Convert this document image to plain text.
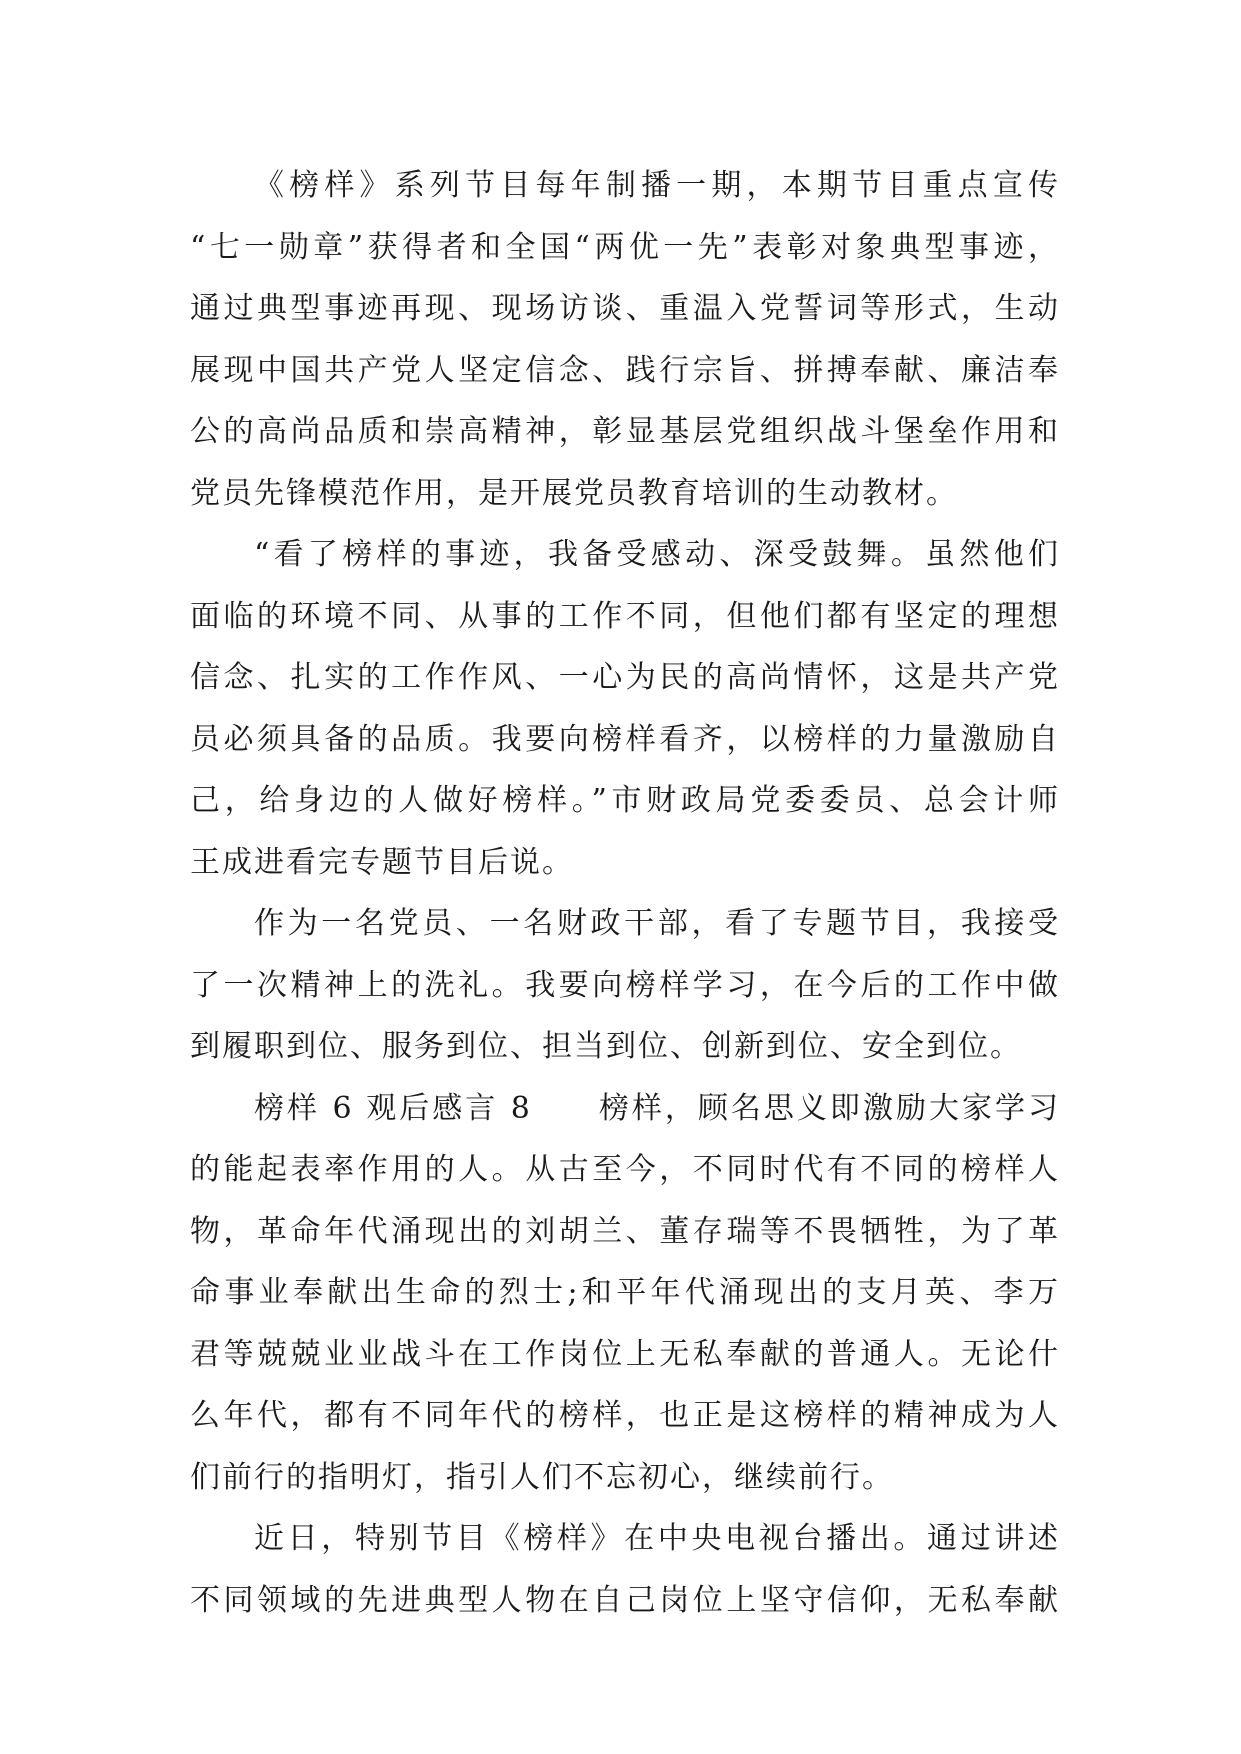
《榜样》系列节目每年制播一期，本期节目重点宣传
“七一勋章”获得者和全国“两优一先”表彰对象典型事迹，
通过典型事迹再现、现场访谈、重温入党誓词等形式，生动
展现中国共产党人坚定信念、践行宗旨、拼搏奉献、廉洁奉
公的高尚品质和崇高精神，彰显基层党组织战斗堡垒作用和
党员先锋模范作用，是开展党员教育培训的生动教材。
“看了榜样的事迹，我备受感动、深受鼓舞。虽然他们
面临的环境不同、从事的工作不同，但他们都有坚定的理想
信念、扎实的工作作风、一心为民的高尚情怀，这是共产党
员必须具备的品质。我要向榜样看齐，以榜样的力量激励自
己，给身边的人做好榜样。”市财政局党委委员、总会计师
王成进看完专题节目后说。
作为一名党员、一名财政干部，看了专题节目，我接受
了一次精神上的洗礼。我要向榜样学习，在今后的工作中做
到履职到位、服务到位、担当到位、创新到位、安全到位。
榜样 6 观后感言 8　　榜样，顾名思义即激励大家学习
的能起表率作用的人。从古至今，不同时代有不同的榜样人
物，革命年代涌现出的刘胡兰、董存瑞等不畏牺牲，为了革
命事业奉献出生命的烈士;和平年代涌现出的支月英、李万
君等兢兢业业战斗在工作岗位上无私奉献的普通人。无论什
么年代，都有不同年代的榜样，也正是这榜样的精神成为人
们前行的指明灯，指引人们不忘初心，继续前行。
近日，特别节目《榜样》在中央电视台播出。通过讲述
不同领域的先进典型人物在自己岗位上坚守信仰，无私奉献
